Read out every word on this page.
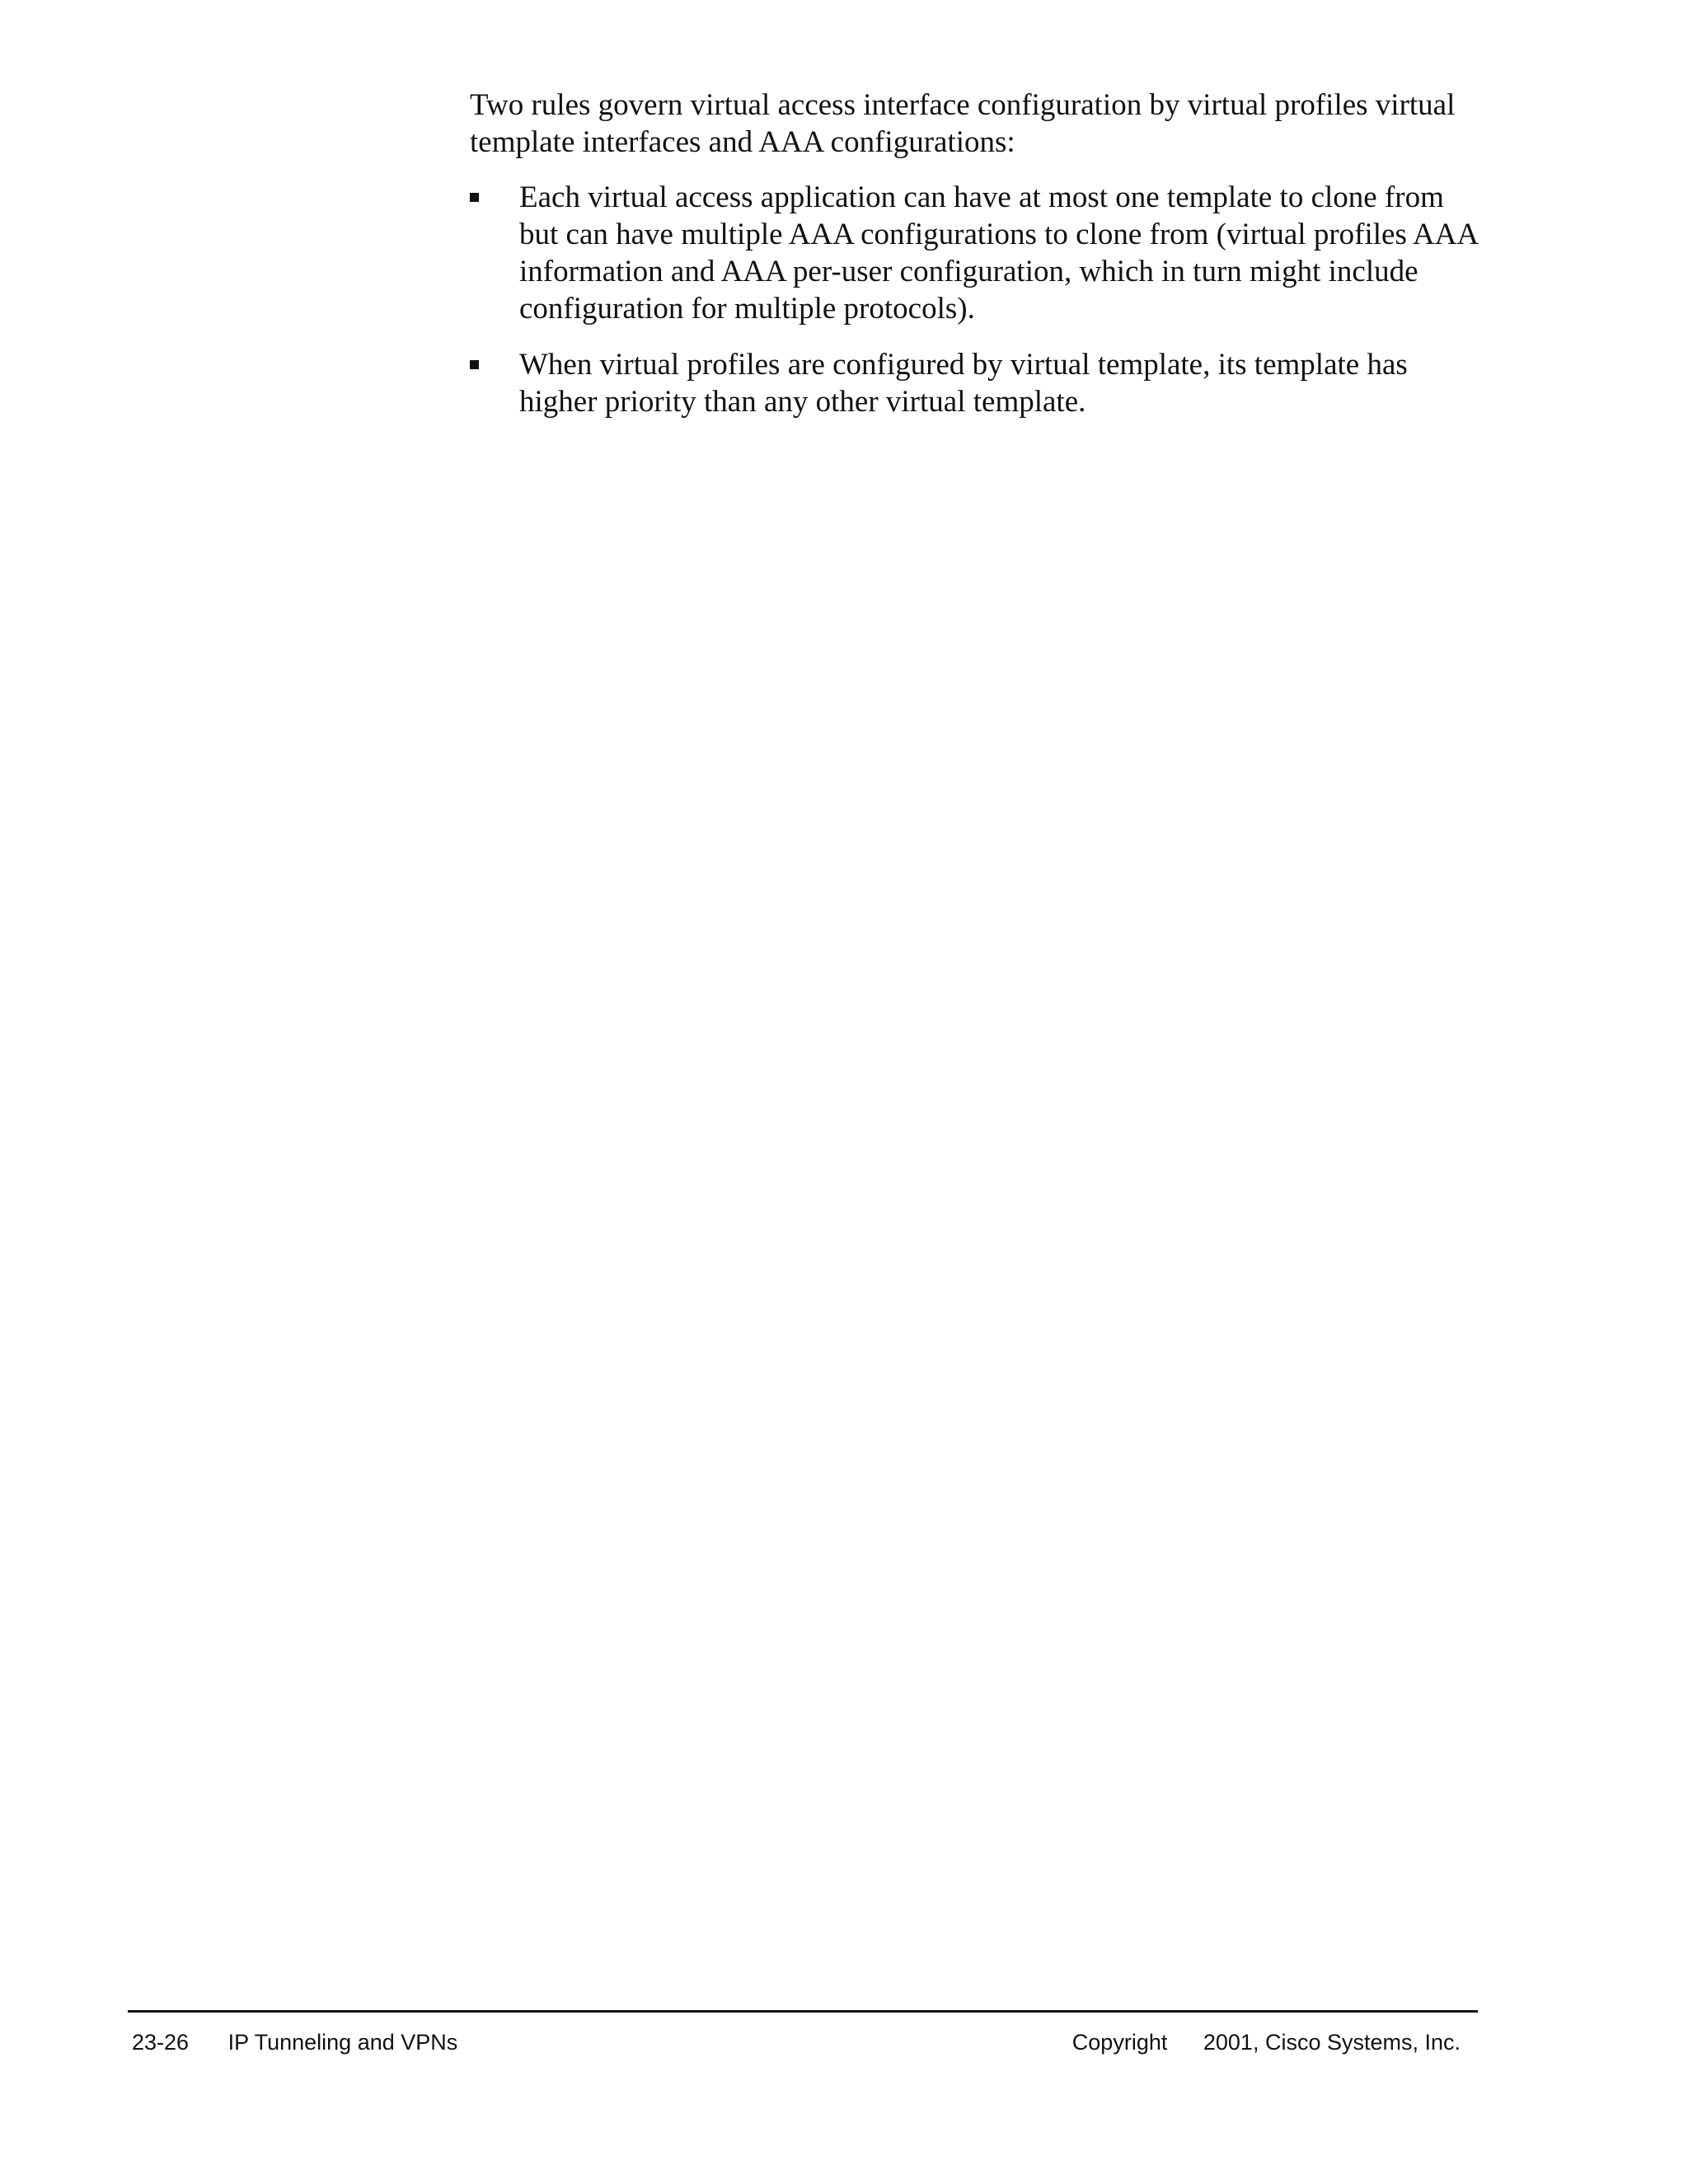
Two rules govern virtual access interface configuration by virtual profiles virtual template interfaces and AAA configurations:

Each virtual access application can have at most one template to clone from but can have multiple AAA configurations to clone from (virtual profiles AAA information and AAA per-user configuration, which in turn might include configuration for multiple protocols).
When virtual profiles are configured by virtual template, its template has higher priority than any other virtual template.
23-26 IP Tunneling and VPNs	Copyright 2001, Cisco Systems, Inc.
